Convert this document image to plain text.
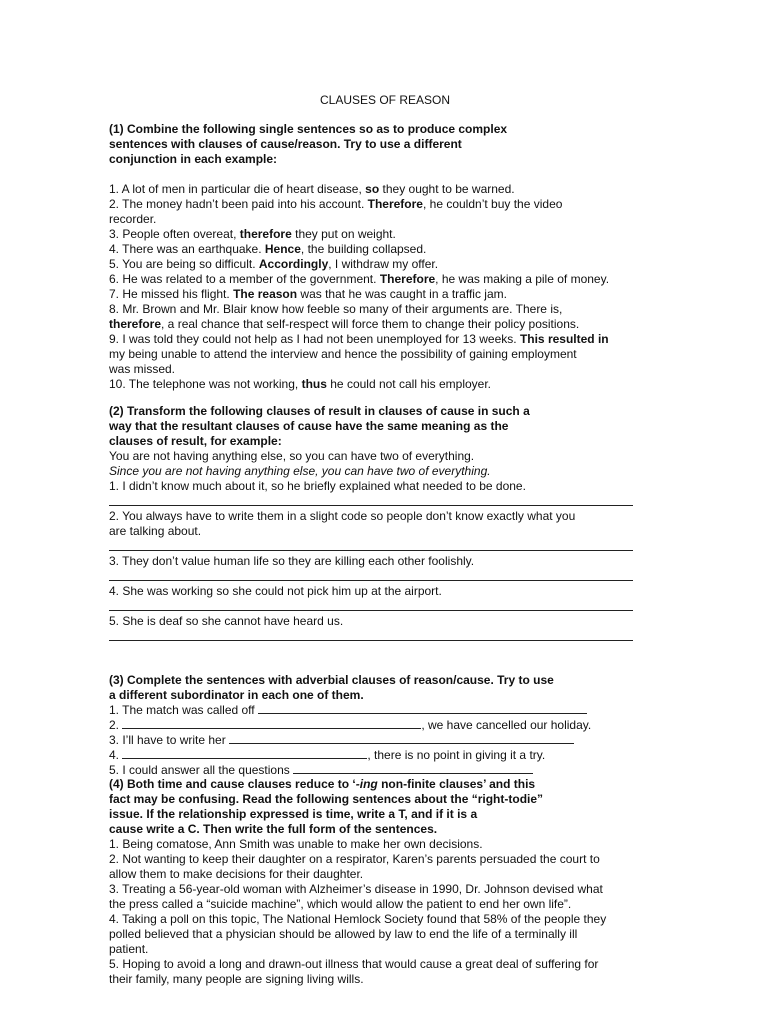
CLAUSES OF REASON

(1) Combine the following single sentences so as to produce complex

sentences with clauses of cause/reason. Try to use a different

conjunction in each example:

1. A lot of men in particular die of heart disease, so they ought to be warned.

2. The money hadn’t been paid into his account. Therefore, he couldn’t buy the video

recorder.

3. People often overeat, therefore they put on weight.

4. There was an earthquake. Hence, the building collapsed.

5. You are being so difficult. Accordingly, I withdraw my offer.

6. He was related to a member of the government. Therefore, he was making a pile of money.

7. He missed his flight. The reason was that he was caught in a traffic jam.

8. Mr. Brown and Mr. Blair know how feeble so many of their arguments are. There is,

therefore, a real chance that self-respect will force them to change their policy positions.

9. I was told they could not help as I had not been unemployed for 13 weeks. This resulted in

my being unable to attend the interview and hence the possibility of gaining employment

was missed.

10. The telephone was not working, thus he could not call his employer.

(2) Transform the following clauses of result in clauses of cause in such a

way that the resultant clauses of cause have the same meaning as the

clauses of result, for example:

You are not having anything else, so you can have two of everything.

Since you are not having anything else, you can have two of everything.

1. I didn’t know much about it, so he briefly explained what needed to be done.

2. You always have to write them in a slight code so people don’t know exactly what you

are talking about.

3. They don’t value human life so they are killing each other foolishly.

4. She was working so she could not pick him up at the airport.

5. She is deaf so she cannot have heard us.

(3) Complete the sentences with adverbial clauses of reason/cause. Try to use

a different subordinator in each one of them.

1. The match was called off

2.	, we have cancelled our holiday.

3. I’ll have to write her

4.	, there is no point in giving it a try.

5. I could answer all the questions

(4) Both time and cause clauses reduce to ‘-ing non-finite clauses’ and this

fact may be confusing. Read the following sentences about the “right-todie”

issue. If the relationship expressed is time, write a T, and if it is a

cause write a C. Then write the full form of the sentences.

1. Being comatose, Ann Smith was unable to make her own decisions.

2. Not wanting to keep their daughter on a respirator, Karen’s parents persuaded the court to

allow them to make decisions for their daughter.

3. Treating a 56-year-old woman with Alzheimer’s disease in 1990, Dr. Johnson devised what

the press called a “suicide machine”, which would allow the patient to end her own life”.

4. Taking a poll on this topic, The National Hemlock Society found that 58% of the people they

polled believed that a physician should be allowed by law to end the life of a terminally ill

patient.

5. Hoping to avoid a long and drawn-out illness that would cause a great deal of suffering for

their family, many people are signing living wills.
